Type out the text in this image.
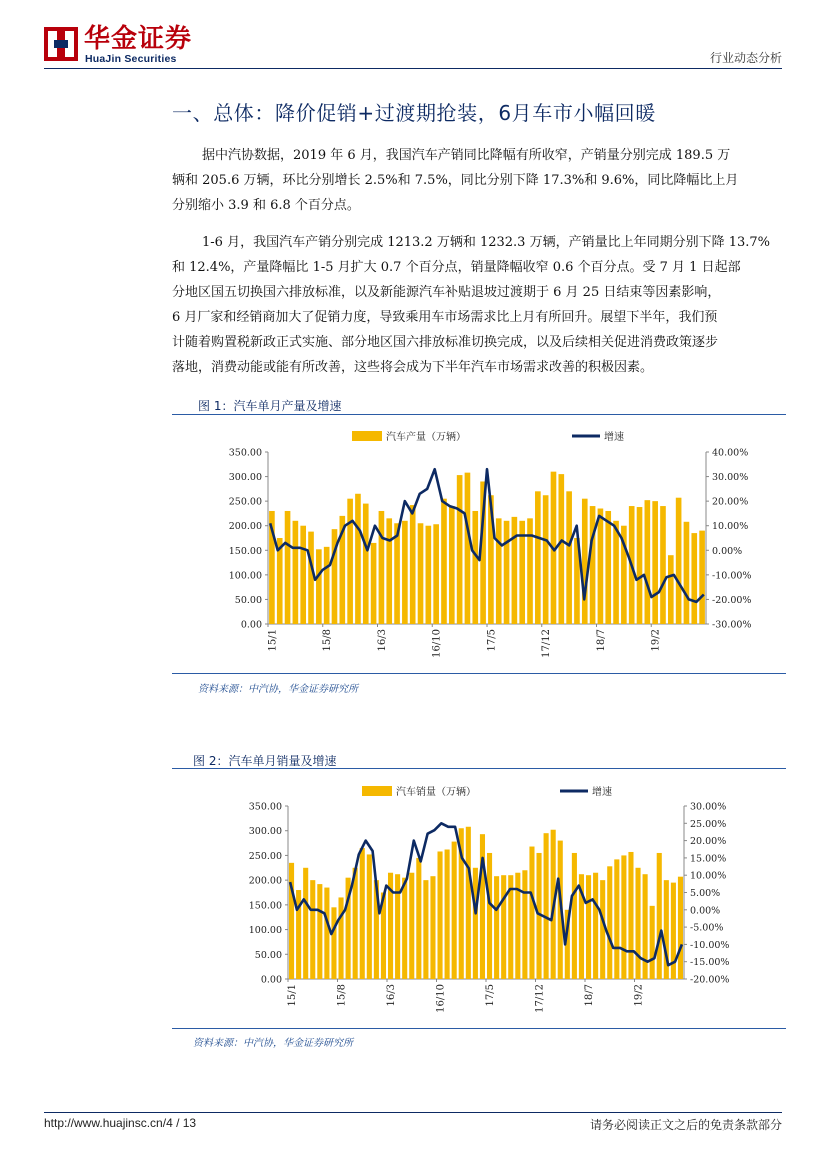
华金证券
HuaJin Securities	行业动态分析
一、总体：降价促销+过渡期抢装，6月车市小幅回暖
据中汽协数据，2019 年 6 月，我国汽车产销同比降幅有所收窄，产销量分别完成 189.5 万
辆和 205.6 万辆，环比分别增长 2.5%和 7.5%，同比分别下降 17.3%和 9.6%，同比降幅比上月
分别缩小 3.9 和 6.8 个百分点。
1-6 月，我国汽车产销分别完成 1213.2 万辆和 1232.3 万辆，产销量比上年同期分别下降 13.7%
和 12.4%，产量降幅比 1-5 月扩大 0.7 个百分点，销量降幅收窄 0.6 个百分点。受 7 月 1 日起部
分地区国五切换国六排放标准，以及新能源汽车补贴退坡过渡期于 6 月 25 日结束等因素影响，
6 月厂家和经销商加大了促销力度，导致乘用车市场需求比上月有所回升。展望下半年，我们预
计随着购置税新政正式实施、部分地区国六排放标准切换完成，以及后续相关促进消费政策逐步
落地，消费动能或能有所改善，这些将会成为下半年汽车市场需求改善的积极因素。
图 1：汽车单月产量及增速
汽车产量（万辆）	增速
0.00
50.00
100.00
150.00
200.00
250.00
300.00
350.00
-30.00%
-20.00%
-10.00%
0.00%
10.00%
20.00%
30.00%
40.00%
15/1	15/8	16/3	16/10	17/5	17/12	18/7	19/2
资料来源：中汽协，华金证券研究所
图 2：汽车单月销量及增速
汽车销量（万辆）	增速
0.00
50.00
100.00
150.00
200.00
250.00
300.00
350.00
-20.00%
-15.00%
-10.00%
-5.00%
0.00%
5.00%
10.00%
15.00%
20.00%
25.00%
30.00%
15/1	15/8	16/3	16/10	17/5	17/12	18/7	19/2
资料来源：中汽协，华金证券研究所
http://www.huajinsc.cn/4 / 13	请务必阅读正文之后的免责条款部分
